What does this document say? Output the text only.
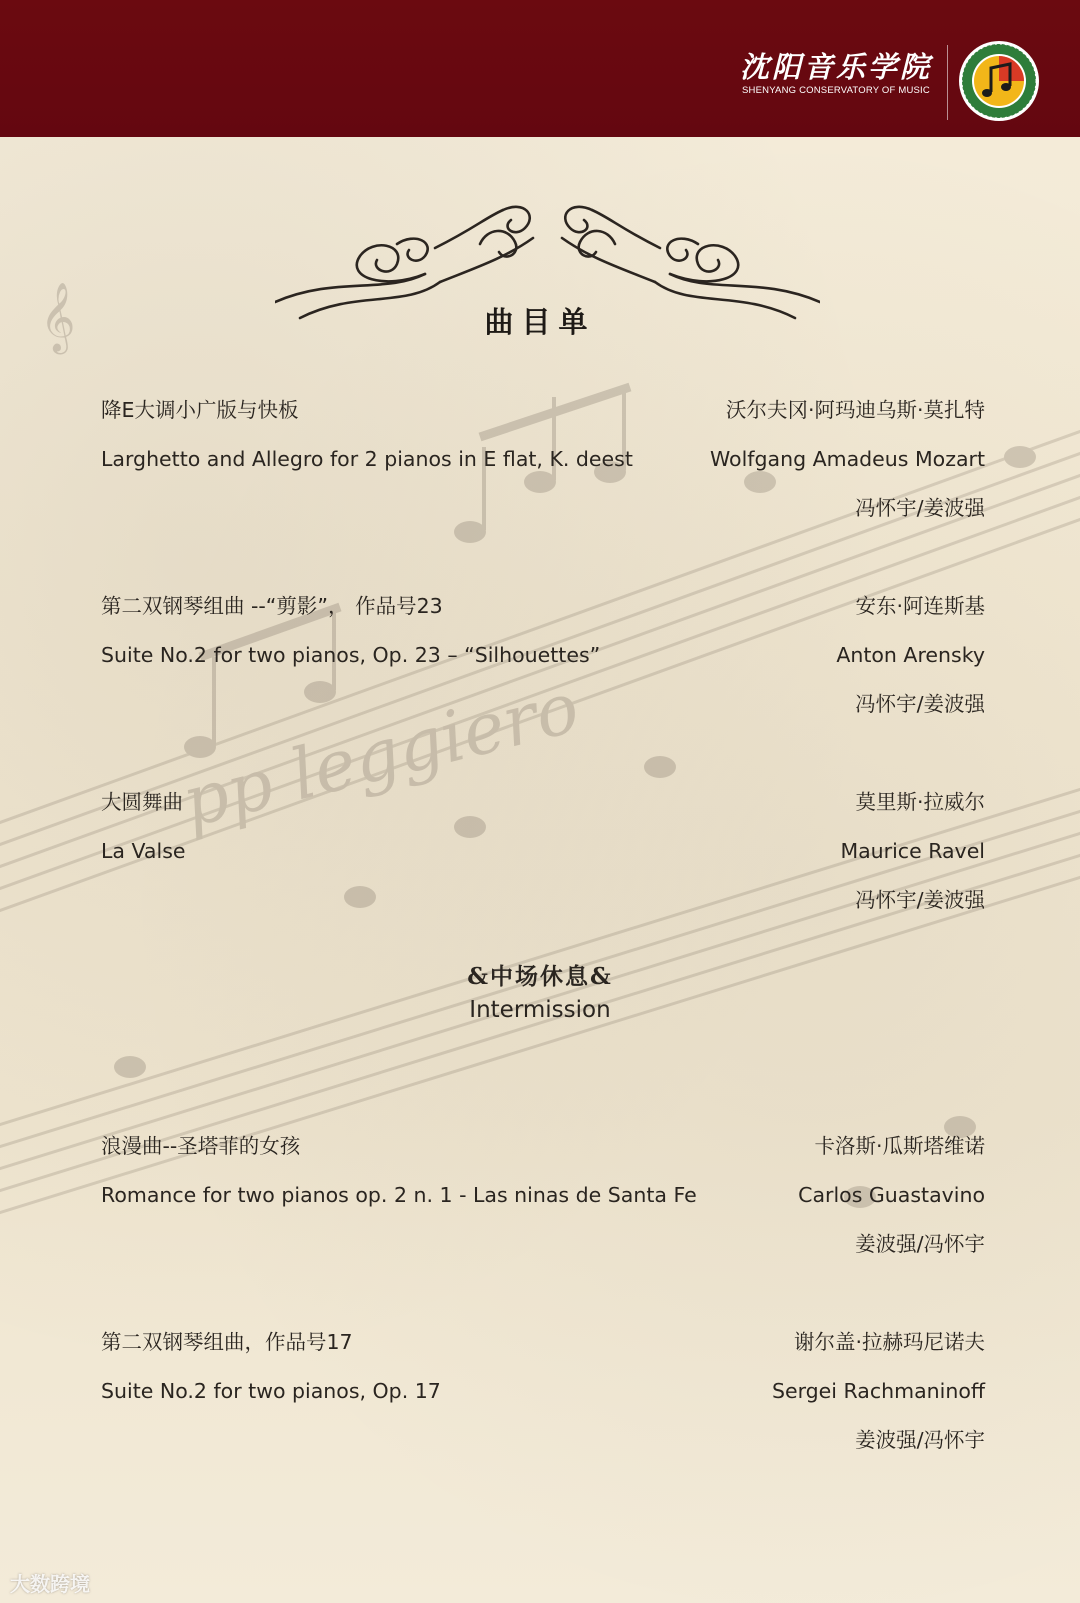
pp leggiero
𝄞
沈阳音乐学院
SHENYANG CONSERVATORY OF MUSIC
曲目单
降E大调小广版与快板	沃尔夫冈·阿玛迪乌斯·莫扎特
Larghetto and Allegro for 2 pianos in E flat, K. deest	Wolfgang Amadeus Mozart
冯怀宇/姜波强
第二双钢琴组曲 --“剪影”， 作品号23	安东·阿连斯基
Suite No.2 for two pianos, Op. 23 – “Silhouettes”	Anton Arensky
冯怀宇/姜波强
大圆舞曲	莫里斯·拉威尔
La Valse	Maurice Ravel
冯怀宇/姜波强
&中场休息&
Intermission
浪漫曲--圣塔菲的女孩	卡洛斯·瓜斯塔维诺
Romance for two pianos op. 2 n. 1 - Las ninas de Santa Fe	Carlos Guastavino
姜波强/冯怀宇
第二双钢琴组曲，作品号17	谢尔盖·拉赫玛尼诺夫
Suite No.2 for two pianos, Op. 17	Sergei Rachmaninoff
姜波强/冯怀宇
大数跨境
